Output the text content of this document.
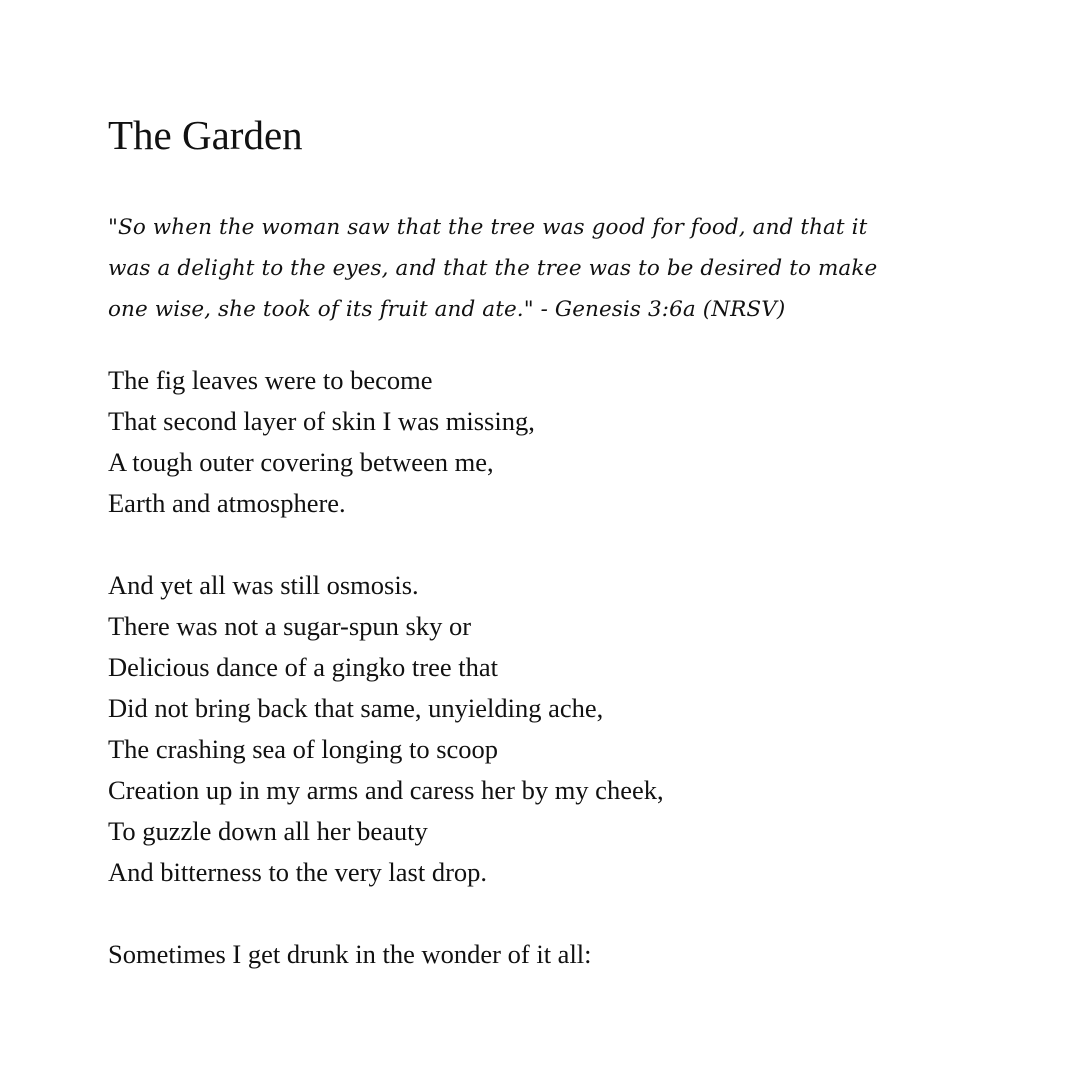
The Garden
"So when the woman saw that the tree was good for food, and that it
was a delight to the eyes, and that the tree was to be desired to make
one wise, she took of its fruit and ate." - Genesis 3:6a (NRSV)
The fig leaves were to become
That second layer of skin I was missing,
A tough outer covering between me,
Earth and atmosphere.
And yet all was still osmosis.
There was not a sugar-spun sky or
Delicious dance of a gingko tree that
Did not bring back that same, unyielding ache,
The crashing sea of longing to scoop
Creation up in my arms and caress her by my cheek,
To guzzle down all her beauty
And bitterness to the very last drop.
Sometimes I get drunk in the wonder of it all:
